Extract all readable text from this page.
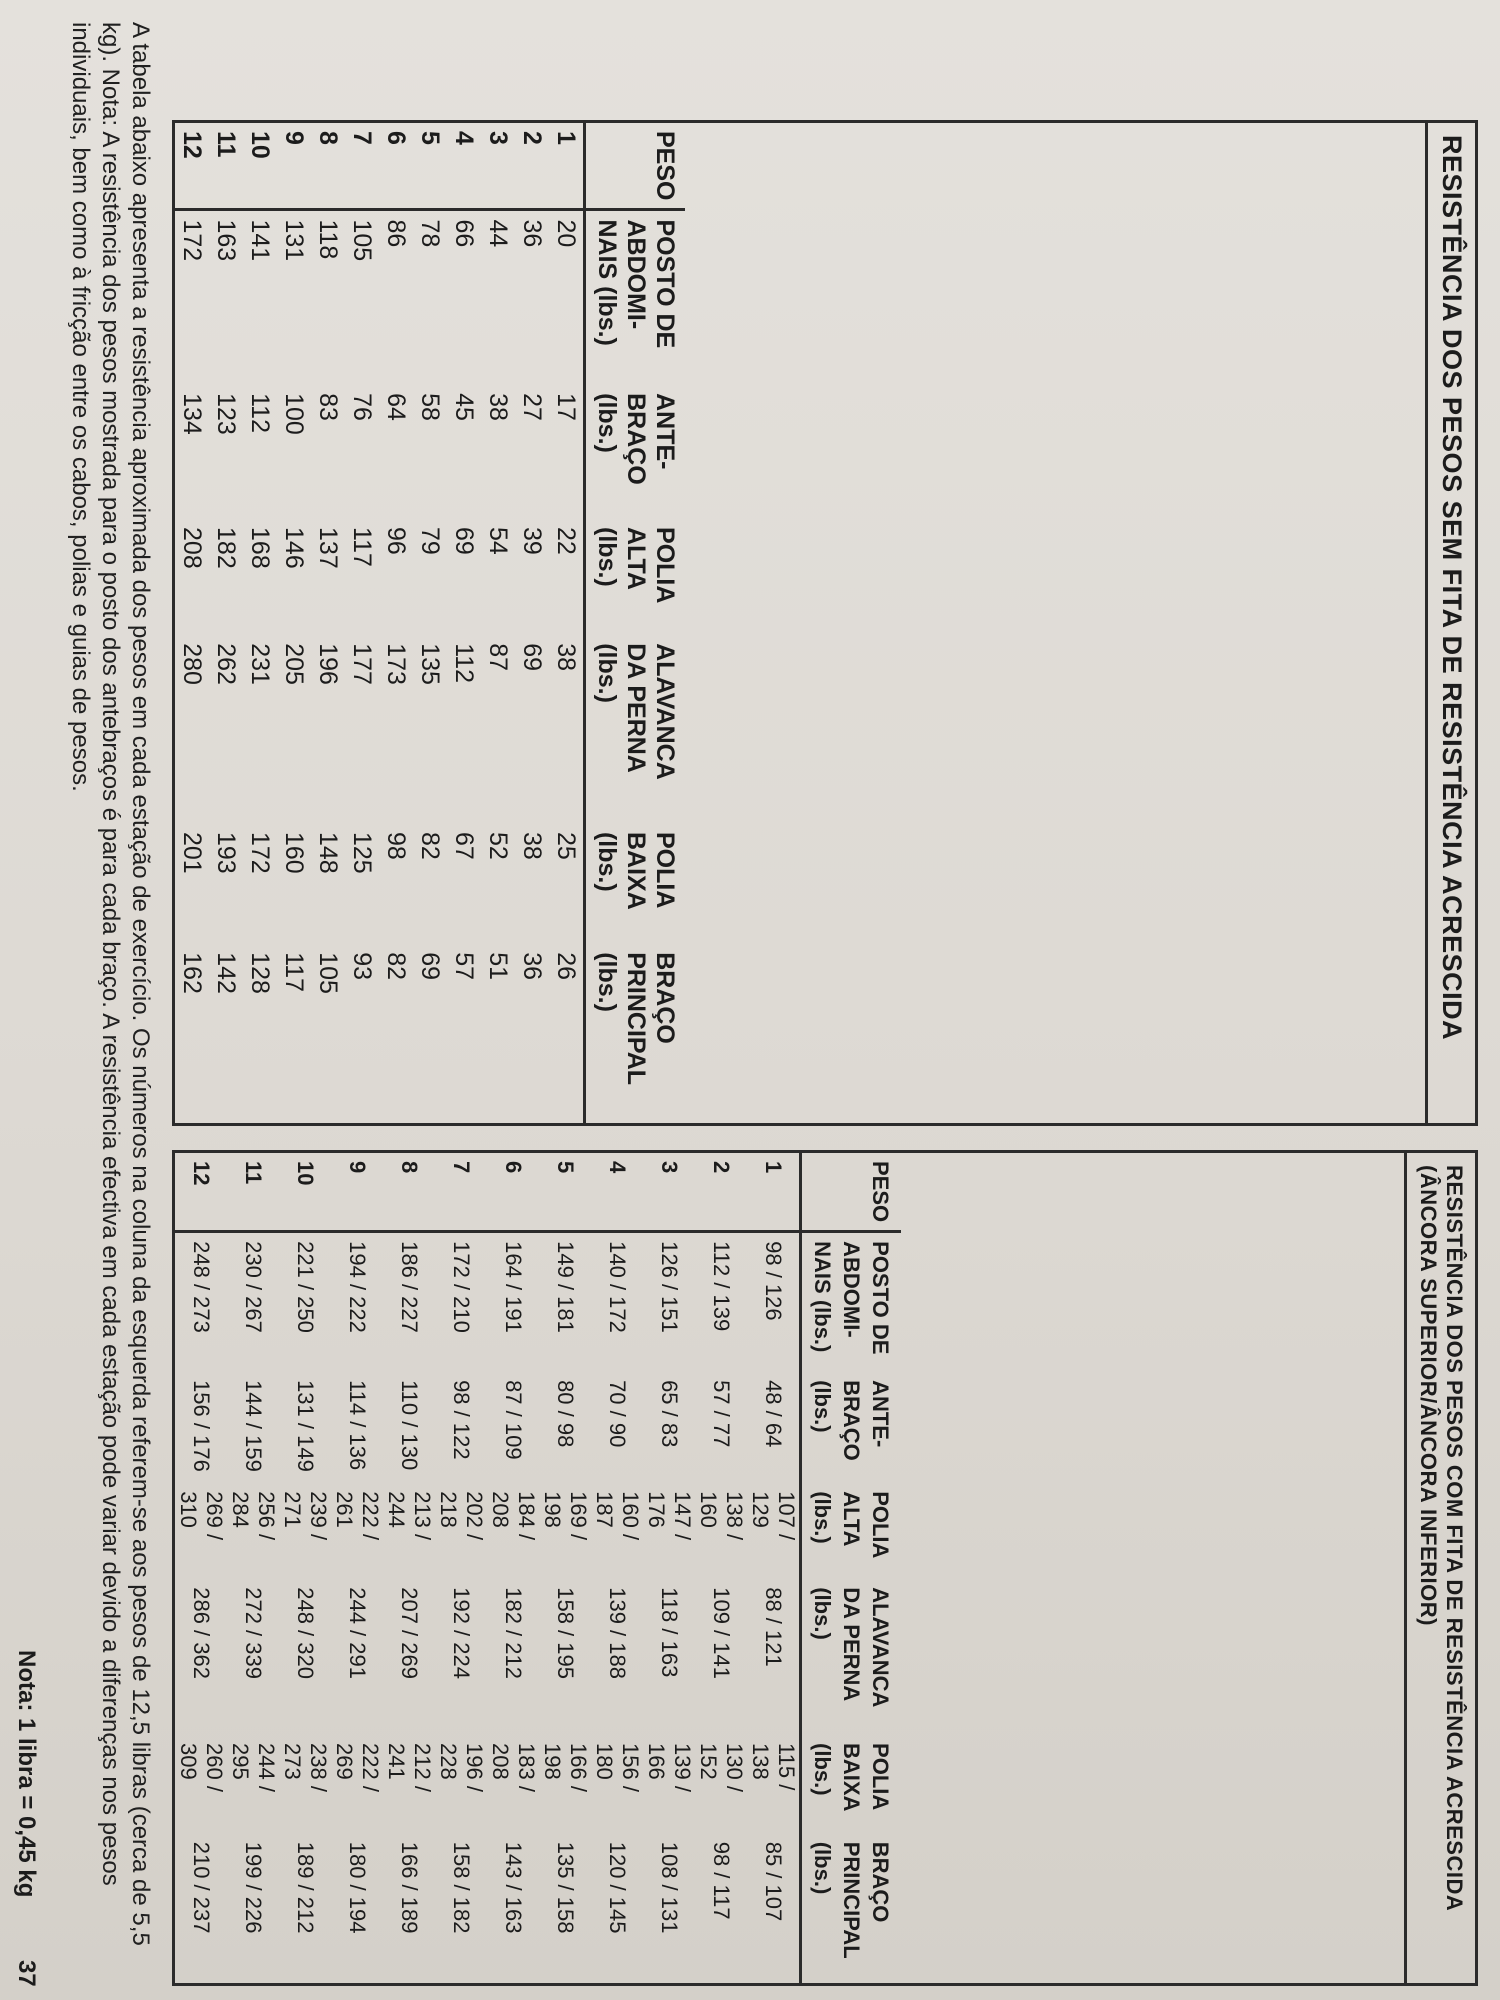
A tabela abaixo apresenta a resistência aproximada dos pesos em cada estação de exercício. Os números na coluna da esquerda referem-se aos pesos de 12,5 libras (cerca de 5,5 kg). Nota: A resistência dos pesos mostrada para o posto dos antebraços é para cada braço. A resistência efectiva em cada estação pode variar devido a diferenças nos pesos individuais, bem como à fricção entre os cabos, polias e guias de pesos.	RESISTÊNCIA DOS PESOS SEM FITA DE RESISTÊNCIA ACRESCIDA
PESO	POSTO DE ABDOMI-NAIS (lbs.)	ANTE-BRAÇO (lbs.)	POLIA ALTA (lbs.)	ALAVANCA DA PERNA (lbs.)	POLIA BAIXA (lbs.)	BRAÇO PRINCIPAL (lbs.)
1	20	17	22	38	25	26
2	36	27	39	69	38	36
3	44	38	54	87	52	51
4	66	45	69	112	67	57
5	78	58	79	135	82	69
6	86	64	96	173	98	82
7	105	76	117	177	125	93
8	118	83	137	196	148	105
9	131	100	146	205	160	117
10	141	112	168	231	172	128
11	163	123	182	262	193	142
12	172	134	208	280	201	162
RESISTÊNCIA DOS PESOS COM FITA DE RESISTÊNCIA ACRESCIDA (ÂNCORA SUPERIOR/ÂNCORA INFERIOR)
PESO	POSTO DE ABDOMI-NAIS (lbs.)	ANTE-BRAÇO (lbs.)	POLIA ALTA (lbs.)	ALAVANCA DA PERNA (lbs.)	POLIA BAIXA (lbs.)	BRAÇO PRINCIPAL (lbs.)
1	98 / 126	48 / 64	107 / 129	88 / 121	115 / 138	85 / 107
2	112 / 139	57 / 77	138 / 160	109 / 141	130 / 152	98 / 117
3	126 / 151	65 / 83	147 / 176	118 / 163	139 / 166	108 / 131
4	140 / 172	70 / 90	160 / 187	139 / 188	156 / 180	120 / 145
5	149 / 181	80 / 98	169 / 198	158 / 195	166 / 198	135 / 158
6	164 / 191	87 / 109	184 / 208	182 / 212	183 / 208	143 / 163
7	172 / 210	98 / 122	202 / 218	192 / 224	196 / 228	158 / 182
8	186 / 227	110 / 130	213 / 244	207 / 269	212 / 241	166 / 189
9	194 / 222	114 / 136	222 / 261	244 / 291	222 / 269	180 / 194
10	221 / 250	131 / 149	239 / 271	248 / 320	238 / 273	189 / 212
11	230 / 267	144 / 159	256 / 284	272 / 339	244 / 295	199 / 226
12	248 / 273	156 / 176	269 / 310	286 / 362	260 / 309	210 / 237
Nota: 1 libra = 0,45 kg
37
